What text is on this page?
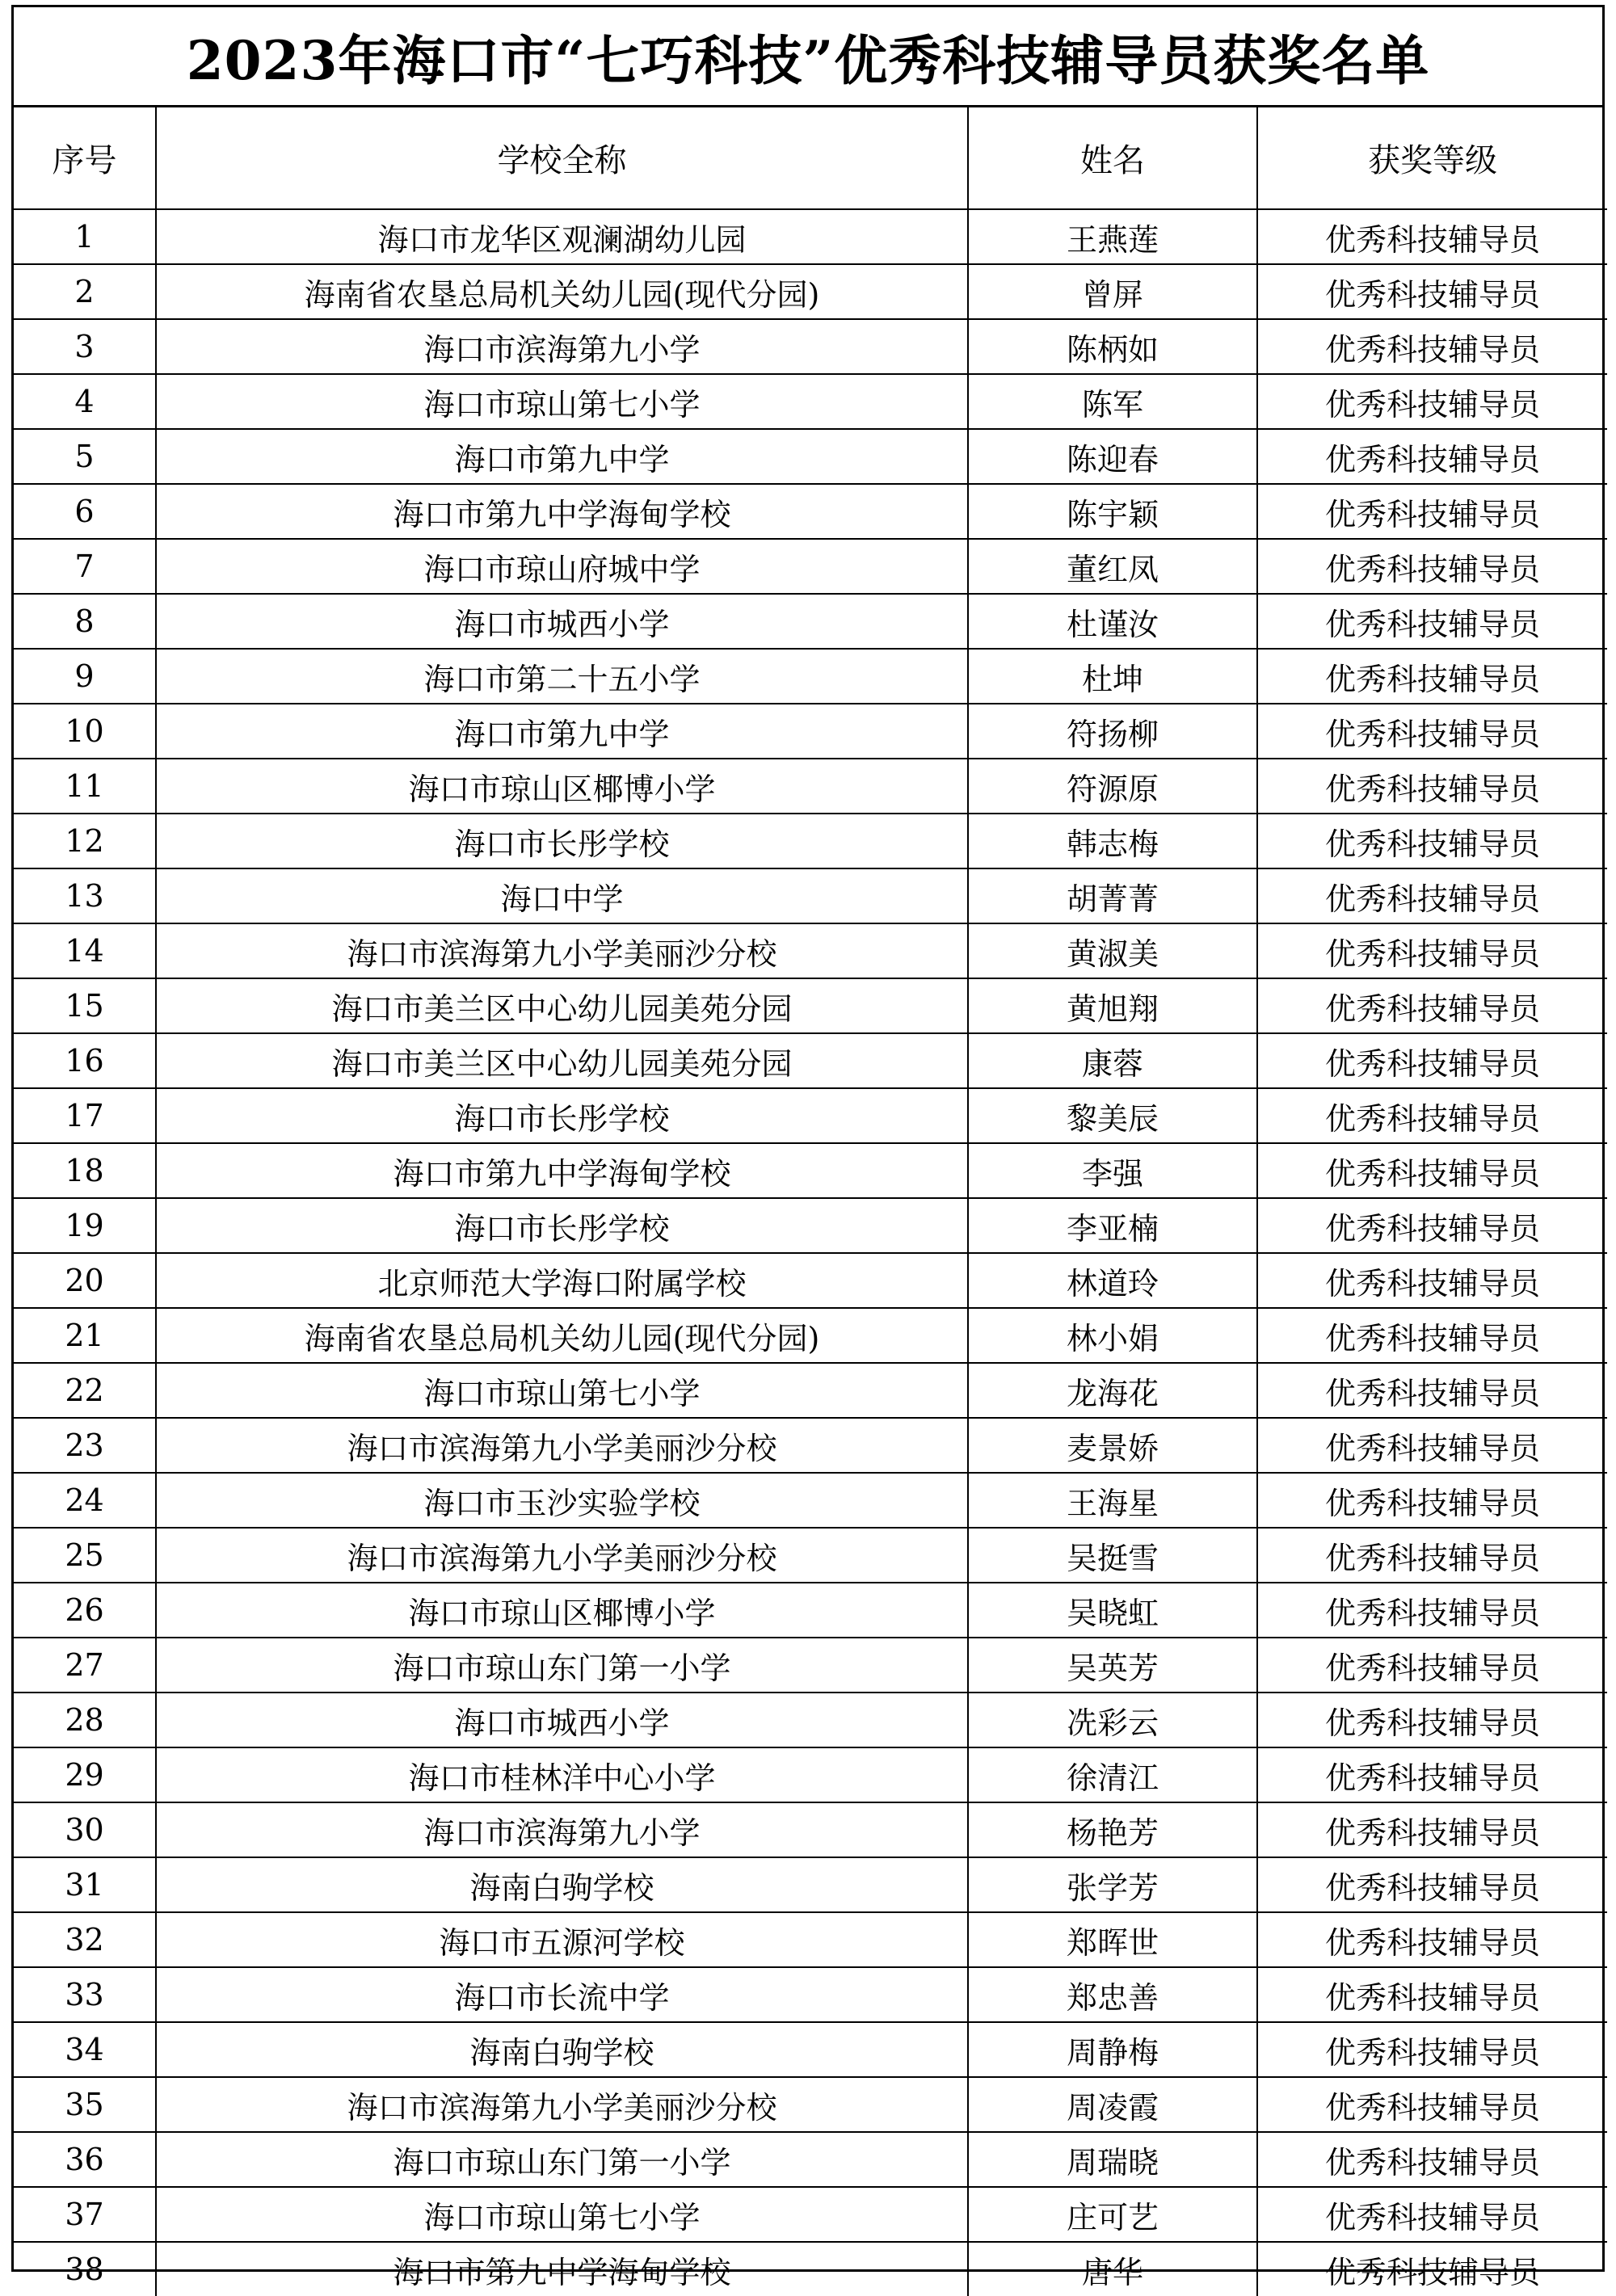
2023年海口市“七巧科技”优秀科技辅导员获奖名单
序号	学校全称	姓名	获奖等级
1	海口市龙华区观澜湖幼儿园	王燕莲	优秀科技辅导员
2	海南省农垦总局机关幼儿园(现代分园)	曾屏	优秀科技辅导员
3	海口市滨海第九小学	陈柄如	优秀科技辅导员
4	海口市琼山第七小学	陈军	优秀科技辅导员
5	海口市第九中学	陈迎春	优秀科技辅导员
6	海口市第九中学海甸学校	陈宇颖	优秀科技辅导员
7	海口市琼山府城中学	董红凤	优秀科技辅导员
8	海口市城西小学	杜谨汝	优秀科技辅导员
9	海口市第二十五小学	杜坤	优秀科技辅导员
10	海口市第九中学	符扬柳	优秀科技辅导员
11	海口市琼山区椰博小学	符源原	优秀科技辅导员
12	海口市长彤学校	韩志梅	优秀科技辅导员
13	海口中学	胡菁菁	优秀科技辅导员
14	海口市滨海第九小学美丽沙分校	黄淑美	优秀科技辅导员
15	海口市美兰区中心幼儿园美苑分园	黄旭翔	优秀科技辅导员
16	海口市美兰区中心幼儿园美苑分园	康蓉	优秀科技辅导员
17	海口市长彤学校	黎美辰	优秀科技辅导员
18	海口市第九中学海甸学校	李强	优秀科技辅导员
19	海口市长彤学校	李亚楠	优秀科技辅导员
20	北京师范大学海口附属学校	林道玲	优秀科技辅导员
21	海南省农垦总局机关幼儿园(现代分园)	林小娟	优秀科技辅导员
22	海口市琼山第七小学	龙海花	优秀科技辅导员
23	海口市滨海第九小学美丽沙分校	麦景娇	优秀科技辅导员
24	海口市玉沙实验学校	王海星	优秀科技辅导员
25	海口市滨海第九小学美丽沙分校	吴挺雪	优秀科技辅导员
26	海口市琼山区椰博小学	吴晓虹	优秀科技辅导员
27	海口市琼山东门第一小学	吴英芳	优秀科技辅导员
28	海口市城西小学	冼彩云	优秀科技辅导员
29	海口市桂林洋中心小学	徐清江	优秀科技辅导员
30	海口市滨海第九小学	杨艳芳	优秀科技辅导员
31	海南白驹学校	张学芳	优秀科技辅导员
32	海口市五源河学校	郑晖世	优秀科技辅导员
33	海口市长流中学	郑忠善	优秀科技辅导员
34	海南白驹学校	周静梅	优秀科技辅导员
35	海口市滨海第九小学美丽沙分校	周凌霞	优秀科技辅导员
36	海口市琼山东门第一小学	周瑞晓	优秀科技辅导员
37	海口市琼山第七小学	庄可艺	优秀科技辅导员
38	海口市第九中学海甸学校	唐华	优秀科技辅导员
